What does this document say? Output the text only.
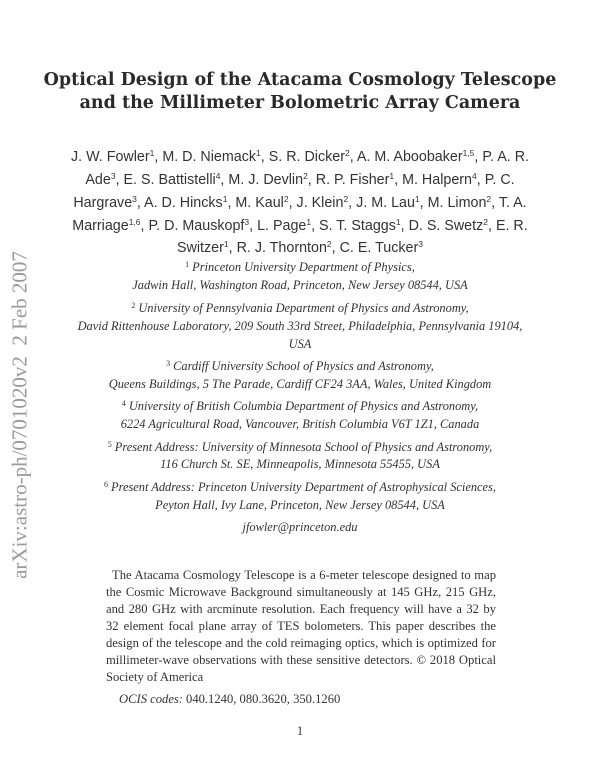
arXiv:astro-ph/0701020v2  2 Feb 2007
Optical Design of the Atacama Cosmology Telescope
and the Millimeter Bolometric Array Camera
J. W. Fowler$^1$, M. D. Niemack$^1$, S. R. Dicker$^2$, A. M. Aboobaker$^{1,5}$, P. A. R.
Ade$^3$, E. S. Battistelli$^4$, M. J. Devlin$^2$, R. P. Fisher$^1$, M. Halpern$^4$, P. C.
Hargrave$^3$, A. D. Hincks$^1$, M. Kaul$^2$, J. Klein$^2$, J. M. Lau$^1$, M. Limon$^2$, T. A.
Marriage$^{1,6}$, P. D. Mauskopf$^3$, L. Page$^1$, S. T. Staggs$^1$, D. S. Swetz$^2$, E. R.
Switzer$^1$, R. J. Thornton$^2$, C. E. Tucker$^3$
$^1$ Princeton University Department of Physics,
Jadwin Hall, Washington Road, Princeton, New Jersey 08544, USA
$^2$ University of Pennsylvania Department of Physics and Astronomy,
David Rittenhouse Laboratory, 209 South 33rd Street, Philadelphia, Pennsylvania 19104,
USA
$^3$ Cardiff University School of Physics and Astronomy,
Queens Buildings, 5 The Parade, Cardiff CF24 3AA, Wales, United Kingdom
$^4$ University of British Columbia Department of Physics and Astronomy,
6224 Agricultural Road, Vancouver, British Columbia V6T 1Z1, Canada
$^5$ Present Address: University of Minnesota School of Physics and Astronomy,
116 Church St. SE, Minneapolis, Minnesota 55455, USA
$^6$ Present Address: Princeton University Department of Astrophysical Sciences,
Peyton Hall, Ivy Lane, Princeton, New Jersey 08544, USA
jfowler@princeton.edu
The Atacama Cosmology Telescope is a 6-meter telescope designed to map
the Cosmic Microwave Background simultaneously at 145 GHz, 215 GHz,
and 280 GHz with arcminute resolution. Each frequency will have a 32 by
32 element focal plane array of TES bolometers. This paper describes the
design of the telescope and the cold reimaging optics, which is optimized for
millimeter-wave observations with these sensitive detectors. © 2018 Optical
Society of America
OCIS codes: 040.1240, 080.3620, 350.1260
1
